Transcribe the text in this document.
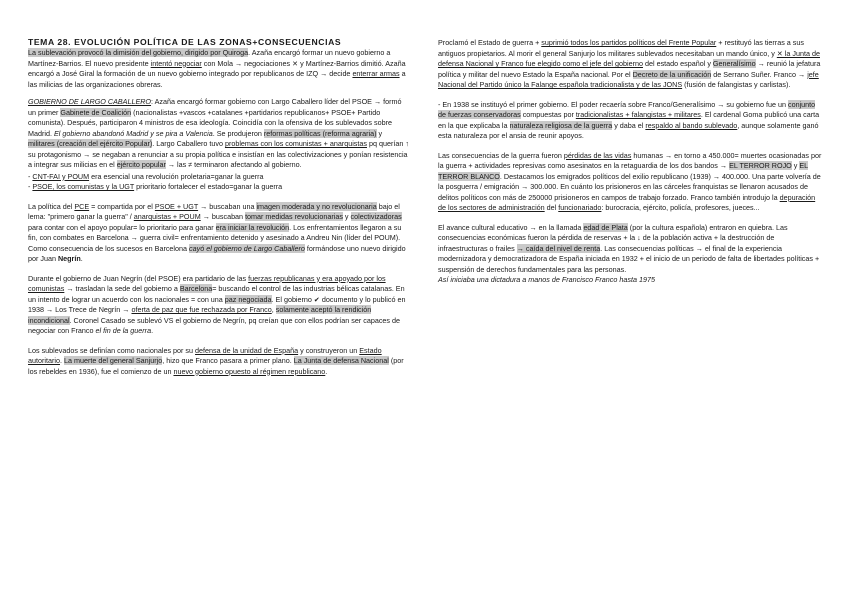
TEMA 28. EVOLUCIÓN POLÍTICA DE LAS ZONAS+CONSECUENCIAS

La sublevación provocó la dimisión del gobierno, dirigido por Quiroga. Azaña encargó formar un nuevo gobierno a Martínez-Barrios. El nuevo presidente intentó negociar con Mola → negociaciones ✕ y Martínez-Barrios dimitió. Azaña encargó a José Giral la formación de un nuevo gobierno integrado por republicanos de IZQ → decide enterrar armas a las milicias de las organizaciones obreras.

GOBIERNO DE LARGO CABALLERO: Azaña encargó formar gobierno con Largo Caballero líder del PSOE → formó un primer Gabinete de Coalición (nacionalistas +vascos +catalanes +partidarios republicanos+ PSOE+ Partido comunista). Después, participaron 4 ministros de esa ideología. Coincidía con la ofensiva de los sublevados sobre Madrid. El gobierno abandonó Madrid y se pira a Valencia. Se produjeron reformas políticas (reforma agraria) y militares (creación del ejército Popular). Largo Caballero tuvo problemas con los comunistas + anarquistas pq querían ↑ su protagonismo → se negaban a renunciar a su propia política e insistían en las colectivizaciones y ponían resistencia a integrar sus milicias en el ejército popular → las ≠ terminaron afectando al gobierno.

- CNT-FAI y POUM era esencial una revolución proletaria=ganar la guerra

- PSOE, los comunistas y la UGT prioritario fortalecer el estado=ganar la guerra

La política del PCE = compartida por el PSOE + UGT → buscaban una imagen moderada y no revolucionaria bajo el lema: "primero ganar la guerra" / anarquistas + POUM → buscaban tomar medidas revolucionarias y colectivizadoras para contar con el apoyo popular= lo prioritario para ganar era iniciar la revolución. Los enfrentamientos llegaron a su fin, con combates en Barcelona → guerra civil= enfrentamiento detenido y asesinado a Andreu Nin (líder del POUM). Como consecuencia de los sucesos en Barcelona cayó el gobierno de Largo Caballero formándose uno nuevo dirigido por Juan Negrín.

Durante el gobierno de Juan Negrín (del PSOE) era partidario de las fuerzas republicanas y era apoyado por los comunistas → trasladan la sede del gobierno a Barcelona= buscando el control de las industrias bélicas catalanas. En un intento de lograr un acuerdo con los nacionales = con una paz negociada. El gobierno ✔ documento y lo publicó en 1938 → Los Trece de Negrín → oferta de paz que fue rechazada por Franco, solamente aceptó la rendición incondicional. Coronel Casado se sublevó VS el gobierno de Negrín, pq creían que con ellos podrían ser capaces de negociar con Franco el fin de la guerra.

Los sublevados se definían como nacionales por su defensa de la unidad de España y construyeron un Estado autoritario. La muerte del general Sanjurjo, hizo que Franco pasara a primer plano. La Junta de defensa Nacional (por los rebeldes en 1936), fue el comienzo de un nuevo gobierno opuesto al régimen republicano.

Proclamó el Estado de guerra + suprimió todos los partidos políticos del Frente Popular + restituyó las tierras a sus antiguos propietarios. Al morir el general Sanjurjo los militares sublevados necesitaban un mando único, y ✕ la Junta de defensa Nacional y Franco fue elegido como el jefe del gobierno del estado español y Generalísimo → reunió la jefatura política y militar del nuevo Estado la España nacional. Por el Decreto de la unificación de Serrano Suñer. Franco → jefe Nacional del Partido único la Falange española tradicionalista y de las JONS (fusión de falangistas y carlistas).

- En 1938 se instituyó el primer gobierno. El poder recaería sobre Franco/Generalísimo → su gobierno fue un conjunto de fuerzas conservadoras compuestas por tradicionalistas + falangistas + militares. El cardenal Goma publicó una carta en la que explicaba la naturaleza religiosa de la guerra y daba el respaldo al bando sublevado, aunque solamente ganó esta naturaleza por el ansia de reunir apoyos.

Las consecuencias de la guerra fueron pérdidas de las vidas humanas → en torno a 450.000= muertes ocasionadas por la guerra + actividades represivas como asesinatos en la retaguardia de los dos bandos → EL TERROR ROJO y EL TERROR BLANCO. Destacamos los emigrados políticos del exilio republicano (1939) → 400.000. Una parte volvería de la posguerra / emigración → 300.000. En cuánto los prisioneros en las cárceles franquistas se llenaron acusados de delitos políticos con más de 250000 prisioneros en campos de trabajo forzado. Franco también introdujo la depuración de los sectores de administración del funcionariado: burocracia, ejército, policía, profesores, jueces...

El avance cultural educativo → en la llamada edad de Plata (por la cultura española) entraron en quiebra. Las consecuencias económicas fueron la pérdida de reservas + la ↓ de la población activa + la destrucción de infraestructuras o frailes → caída del nivel de renta. Las consecuencias políticas → el final de la experiencia modernizadora y democratizadora de España iniciada en 1932 + el inicio de un periodo de falta de libertades políticas + suspensión de derechos fundamentales para las personas.

Así iniciaba una dictadura a manos de Francisco Franco hasta 1975
